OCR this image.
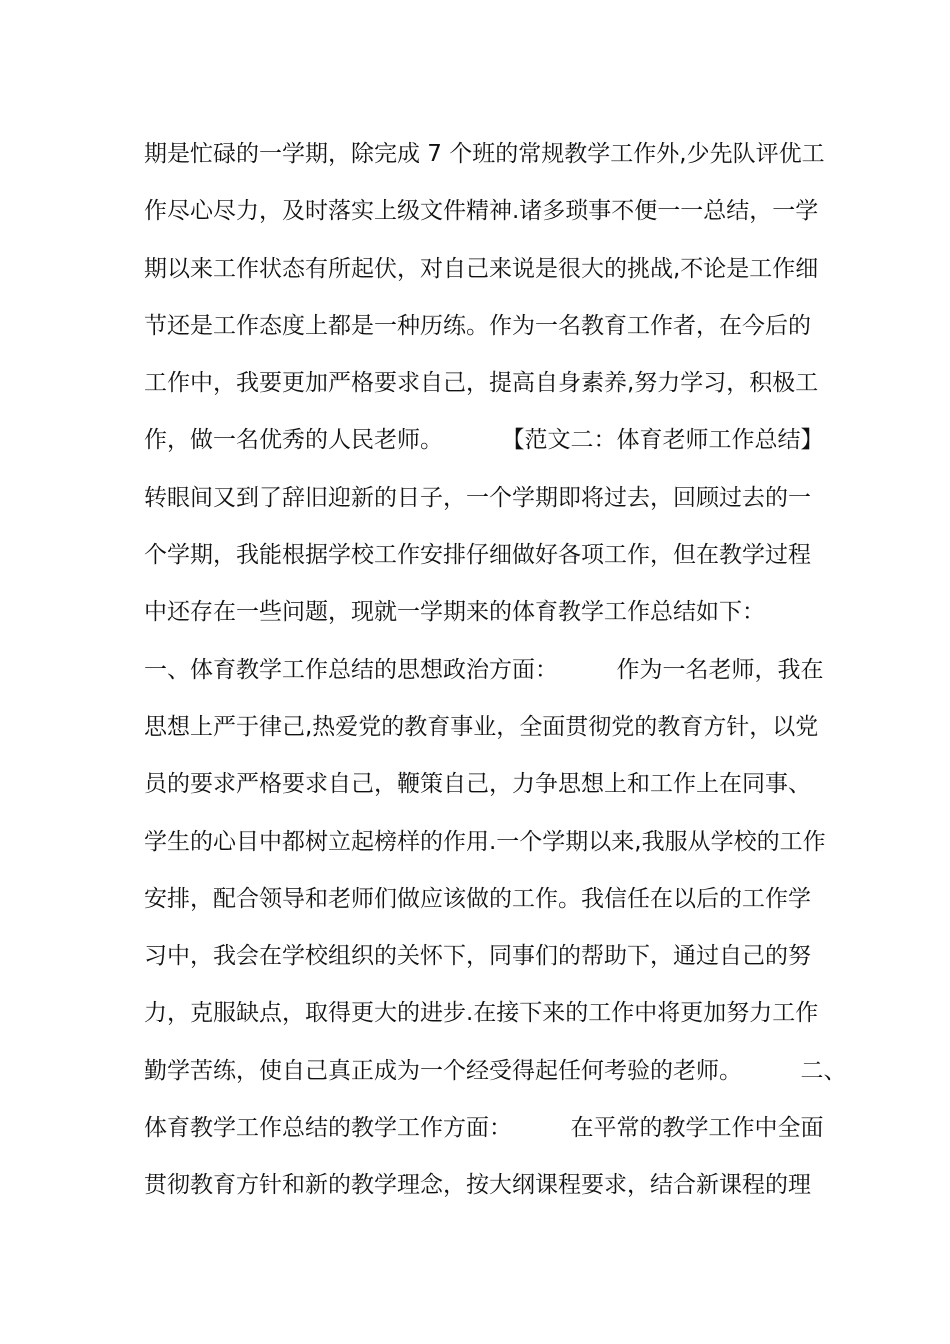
期是忙碌的一学期，除完成 7 个班的常规教学工作外,少先队评优工
作尽心尽力，及时落实上级文件精神.诸多琐事不便一一总结，一学
期以来工作状态有所起伏，对自己来说是很大的挑战,不论是工作细
节还是工作态度上都是一种历练。作为一名教育工作者，在今后的
工作中，我要更加严格要求自己，提高自身素养,努力学习，积极工
作，做一名优秀的人民老师。        【范文二：体育老师工作总结】
转眼间又到了辞旧迎新的日子，一个学期即将过去，回顾过去的一
个学期，我能根据学校工作安排仔细做好各项工作，但在教学过程
中还存在一些问题，现就一学期来的体育教学工作总结如下：
一、体育教学工作总结的思想政治方面：        作为一名老师，我在
思想上严于律己,热爱党的教育事业，全面贯彻党的教育方针，以党
员的要求严格要求自己，鞭策自己，力争思想上和工作上在同事、
学生的心目中都树立起榜样的作用.一个学期以来,我服从学校的工作
安排，配合领导和老师们做应该做的工作。我信任在以后的工作学
习中，我会在学校组织的关怀下，同事们的帮助下，通过自己的努
力，克服缺点，取得更大的进步.在接下来的工作中将更加努力工作
勤学苦练，使自己真正成为一个经受得起任何考验的老师。        二、
体育教学工作总结的教学工作方面：        在平常的教学工作中全面
贯彻教育方针和新的教学理念，按大纲课程要求，结合新课程的理
